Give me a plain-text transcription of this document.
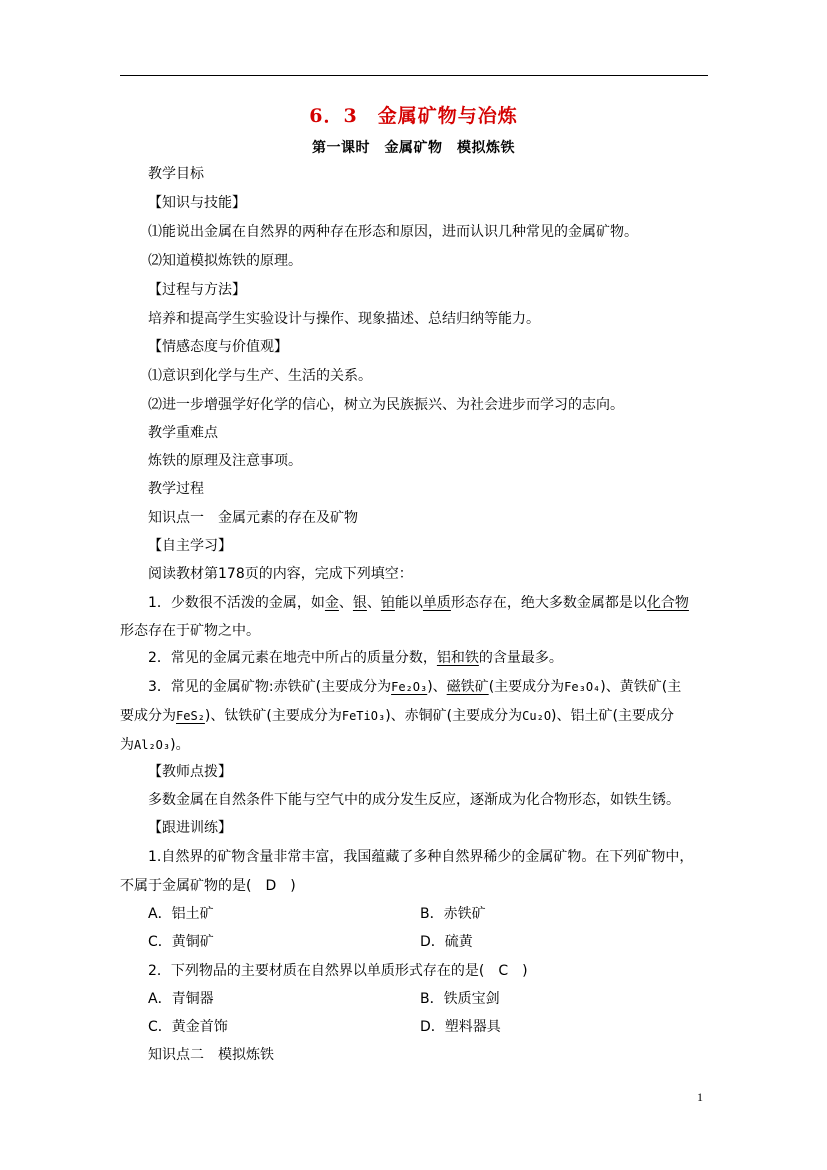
6．3　金属矿物与冶炼
第一课时　金属矿物　模拟炼铁
教学目标
【知识与技能】
⑴能说出金属在自然界的两种存在形态和原因，进而认识几种常见的金属矿物。
⑵知道模拟炼铁的原理。
【过程与方法】
培养和提高学生实验设计与操作、现象描述、总结归纳等能力。
【情感态度与价值观】
⑴意识到化学与生产、生活的关系。
⑵进一步增强学好化学的信心，树立为民族振兴、为社会进步而学习的志向。
教学重难点
炼铁的原理及注意事项。
教学过程
知识点一　金属元素的存在及矿物
【自主学习】
阅读教材第178页的内容，完成下列填空：
1．少数很不活泼的金属，如金、银、铂能以单质形态存在，绝大多数金属都是以化合物
形态存在于矿物之中。
2．常见的金属元素在地壳中所占的质量分数，铝和铁的含量最多。
3．常见的金属矿物:赤铁矿(主要成分为Fe₂O₃)、磁铁矿(主要成分为Fe₃O₄)、黄铁矿(主
要成分为FeS₂)、钛铁矿(主要成分为FeTiO₃)、赤铜矿(主要成分为Cu₂O)、铝土矿(主要成分
为Al₂O₃)。
【教师点拨】
多数金属在自然条件下能与空气中的成分发生反应，逐渐成为化合物形态，如铁生锈。
【跟进训练】
1.自然界的矿物含量非常丰富，我国蕴藏了多种自然界稀少的金属矿物。在下列矿物中，
不属于金属矿物的是(　D　)
A．铝土矿	B．赤铁矿
C．黄铜矿	D．硫黄
2．下列物品的主要材质在自然界以单质形式存在的是(　C　)
A．青铜器	B．铁质宝剑
C．黄金首饰	D．塑料器具
知识点二　模拟炼铁
1
